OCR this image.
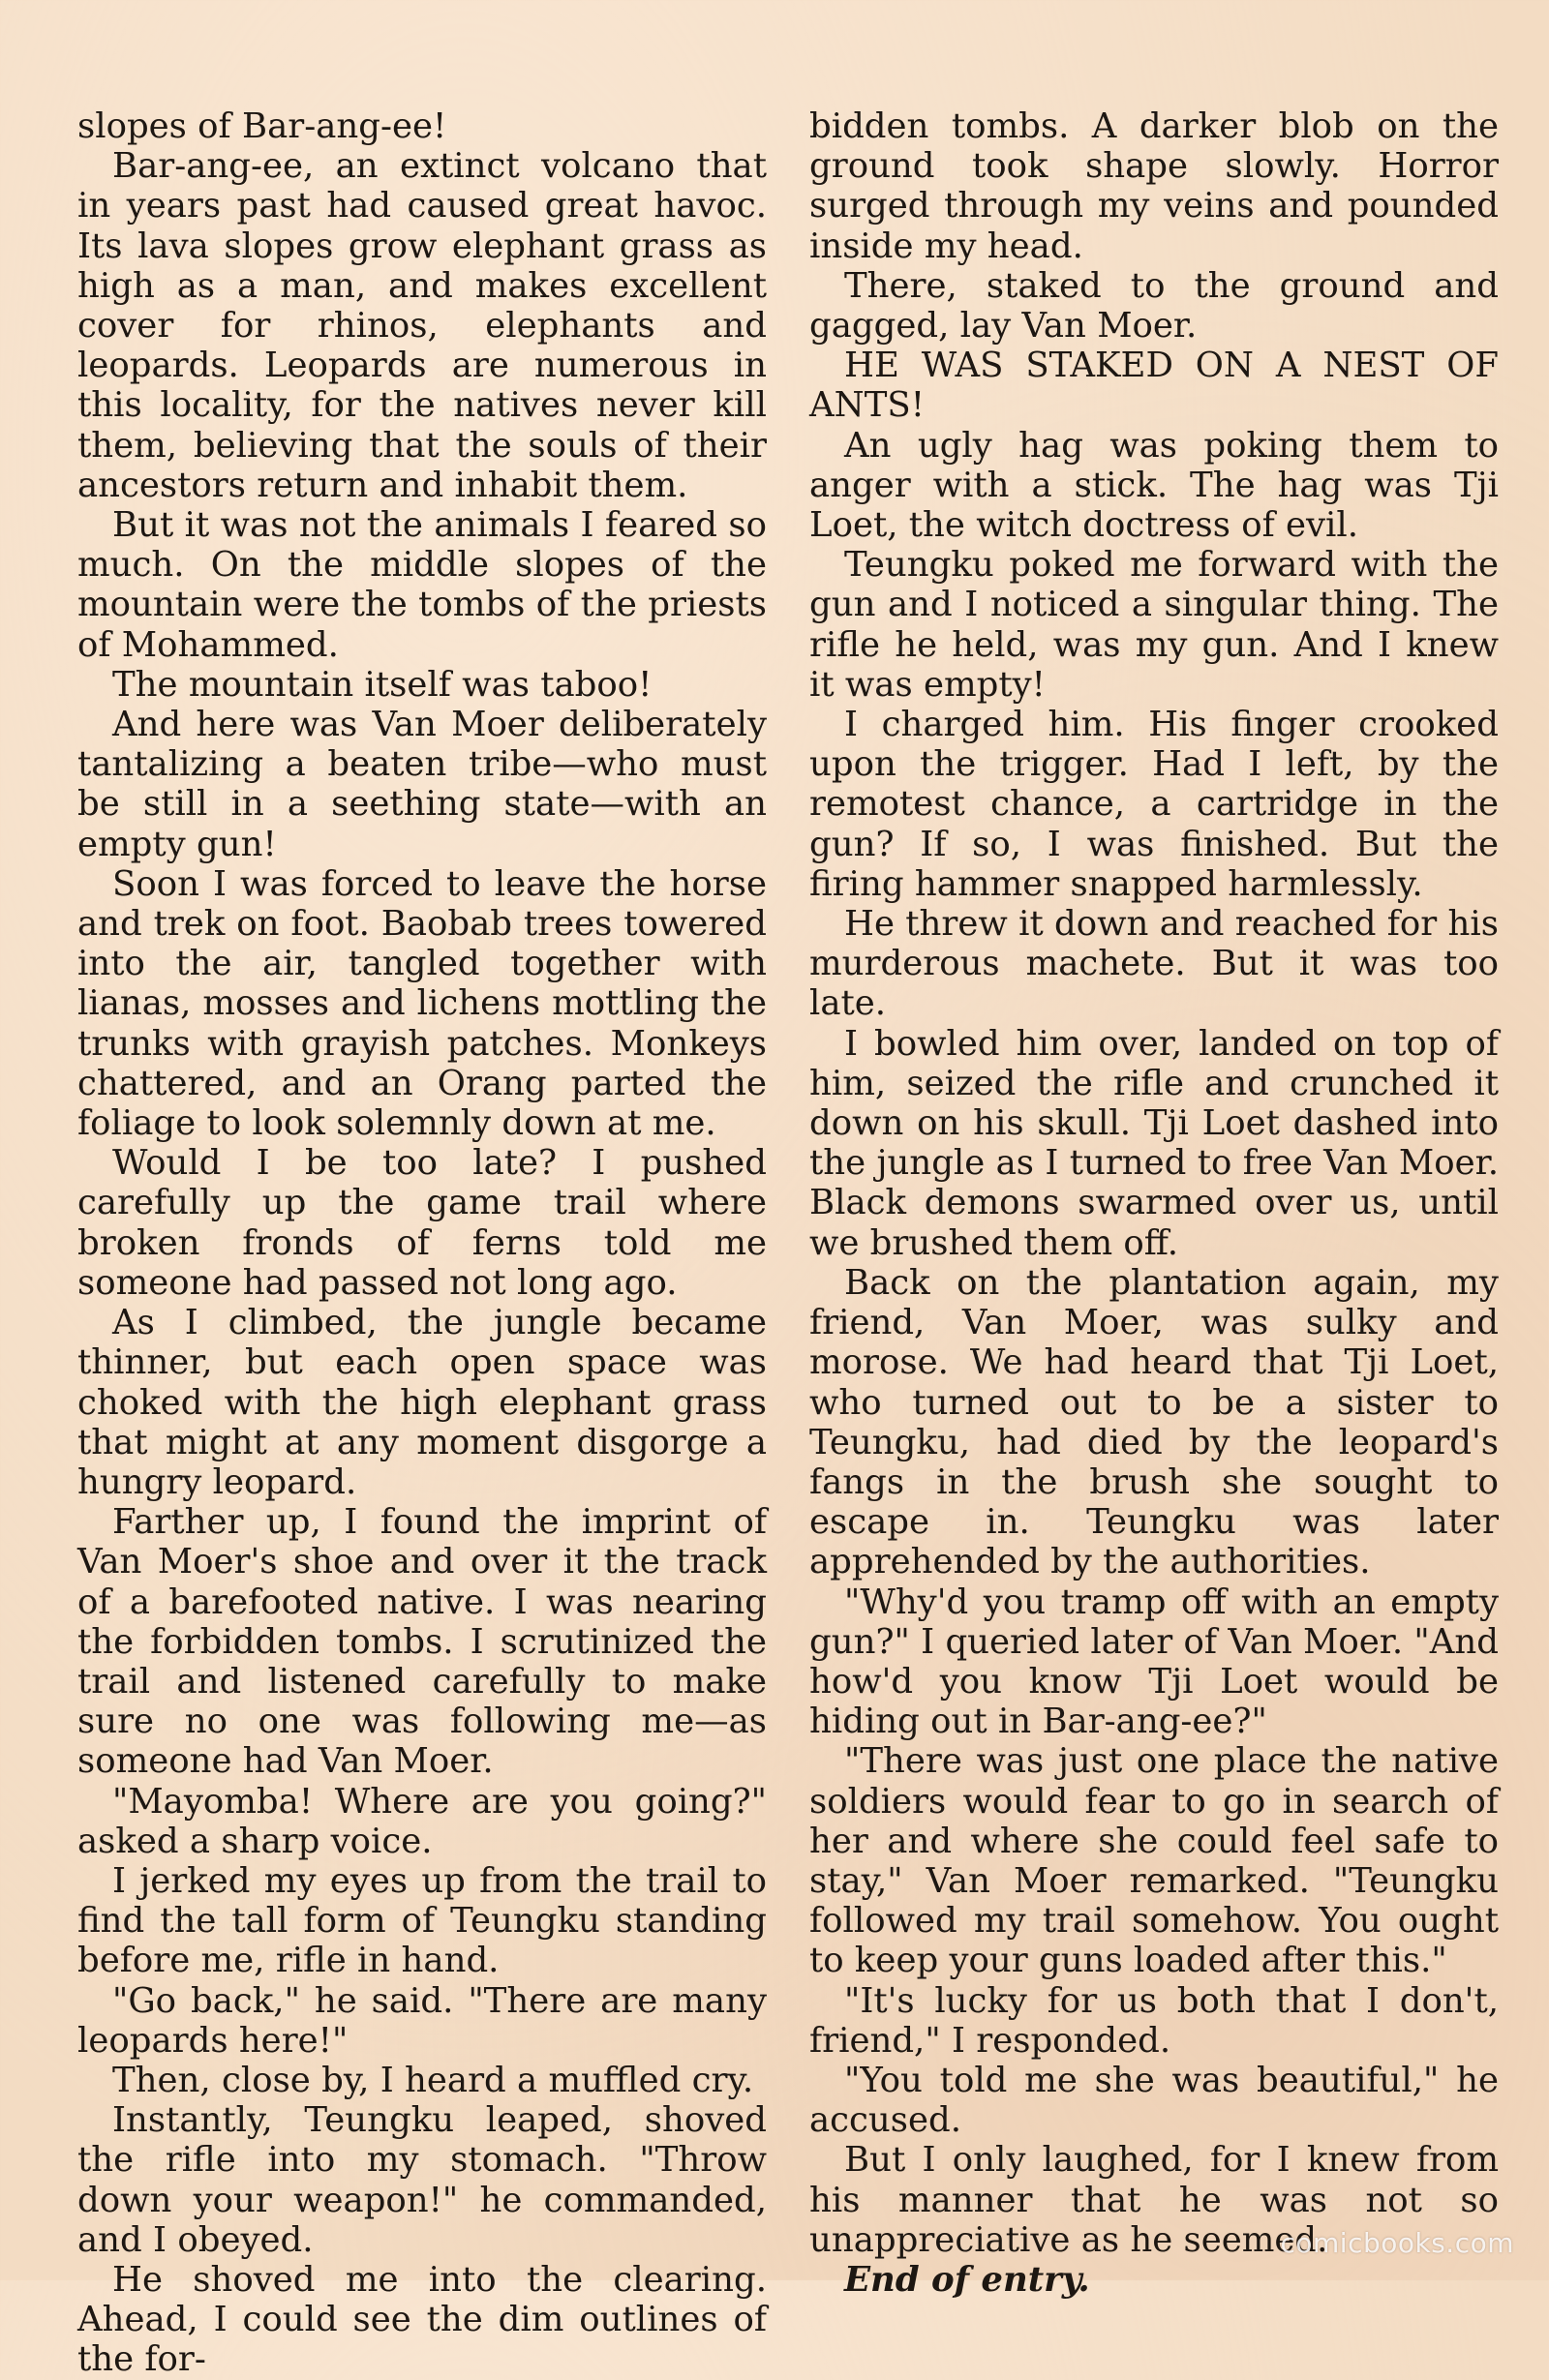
slopes of Bar-ang-ee!

Bar-ang-ee, an extinct volcano that in years past had caused great havoc. Its lava slopes grow elephant grass as high as a man, and makes excellent cover for rhinos, elephants and leopards. Leopards are numerous in this locality, for the natives never kill them, believing that the souls of their ancestors return and inhabit them.

But it was not the animals I feared so much. On the middle slopes of the mountain were the tombs of the priests of Mohammed.

The mountain itself was taboo!

And here was Van Moer deliberately tantalizing a beaten tribe—who must be still in a seething state—with an empty gun!

Soon I was forced to leave the horse and trek on foot. Baobab trees towered into the air, tangled together with lianas, mosses and lichens mottling the trunks with grayish patches. Monkeys chattered, and an Orang parted the foliage to look solemnly down at me.

Would I be too late? I pushed carefully up the game trail where broken fronds of ferns told me someone had passed not long ago.

As I climbed, the jungle became thinner, but each open space was choked with the high elephant grass that might at any moment disgorge a hungry leopard.

Farther up, I found the imprint of Van Moer's shoe and over it the track of a barefooted native. I was nearing the forbidden tombs. I scrutinized the trail and listened carefully to make sure no one was following me—as someone had Van Moer.

"Mayomba! Where are you going?" asked a sharp voice.

I jerked my eyes up from the trail to find the tall form of Teungku standing before me, rifle in hand.

"Go back," he said. "There are many leopards here!"

Then, close by, I heard a muffled cry.

Instantly, Teungku leaped, shoved the rifle into my stomach. "Throw down your weapon!" he commanded, and I obeyed.

He shoved me into the clearing. Ahead, I could see the dim outlines of the for-

bidden tombs. A darker blob on the ground took shape slowly. Horror surged through my veins and pounded inside my head.

There, staked to the ground and gagged, lay Van Moer.

HE WAS STAKED ON A NEST OF ANTS!

An ugly hag was poking them to anger with a stick. The hag was Tji Loet, the witch doctress of evil.

Teungku poked me forward with the gun and I noticed a singular thing. The rifle he held, was my gun. And I knew it was empty!

I charged him. His finger crooked upon the trigger. Had I left, by the remotest chance, a cartridge in the gun? If so, I was finished. But the firing hammer snapped harmlessly.

He threw it down and reached for his murderous machete. But it was too late.

I bowled him over, landed on top of him, seized the rifle and crunched it down on his skull. Tji Loet dashed into the jungle as I turned to free Van Moer. Black demons swarmed over us, until we brushed them off.

Back on the plantation again, my friend, Van Moer, was sulky and morose. We had heard that Tji Loet, who turned out to be a sister to Teungku, had died by the leopard's fangs in the brush she sought to escape in. Teungku was later apprehended by the authorities.

"Why'd you tramp off with an empty gun?" I queried later of Van Moer. "And how'd you know Tji Loet would be hiding out in Bar-ang-ee?"

"There was just one place the native soldiers would fear to go in search of her and where she could feel safe to stay," Van Moer remarked. "Teungku followed my trail somehow. You ought to keep your guns loaded after this."

"It's lucky for us both that I don't, friend," I responded.

"You told me she was beautiful," he accused.

But I only laughed, for I knew from his manner that he was not so unappreciative as he seemed.

End of entry.

comicbooks.com
